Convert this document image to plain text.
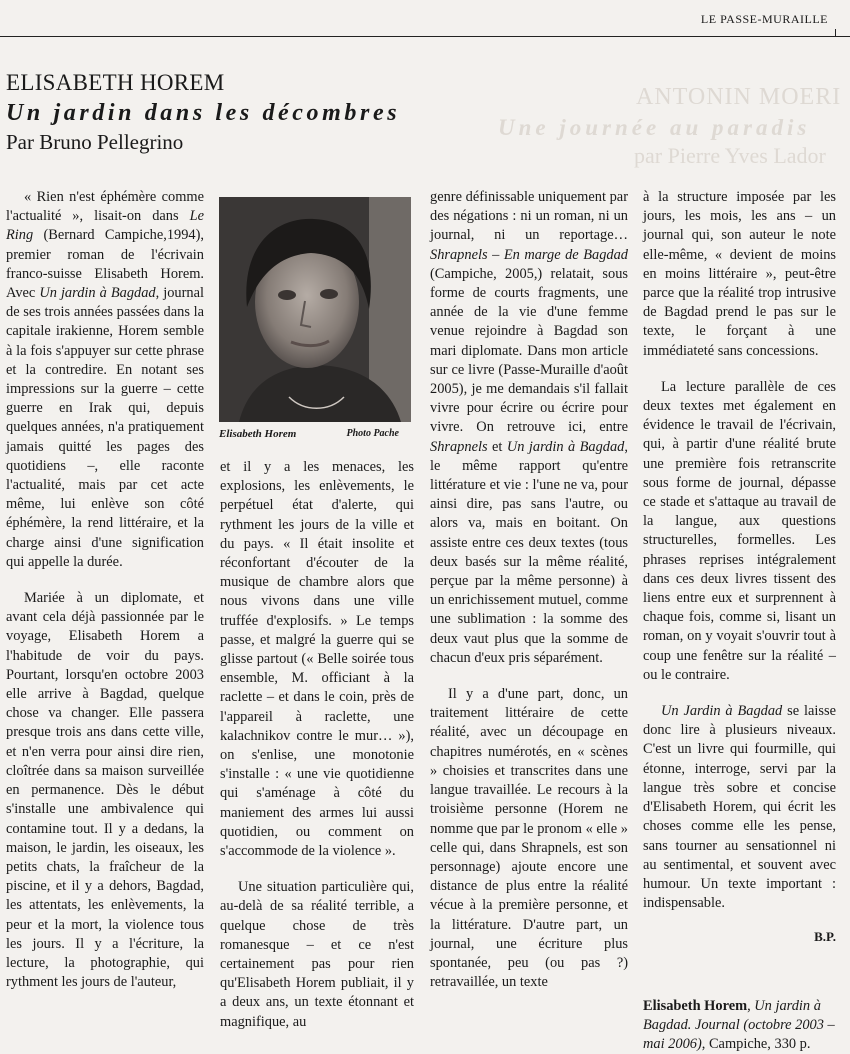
ANTONIN MOERI
Une journée au paradis
par Pierre Yves Lador
LE PASSE-MURAILLE
ELISABETH HOREM
Un jardin dans les décombres
Par Bruno Pellegrino

« Rien n'est éphémère comme l'actualité », lisait-on dans Le Ring (Bernard Campiche,1994), premier roman de l'écrivain franco-suisse Elisabeth Horem. Avec Un jardin à Bagdad, journal de ses trois années passées dans la capitale irakienne, Horem semble à la fois s'appuyer sur cette phrase et la contredire. En notant ses impressions sur la guerre – cette guerre en Irak qui, depuis quelques années, n'a pratiquement jamais quitté les pages des quotidiens –, elle raconte l'actualité, mais par cet acte même, lui enlève son côté éphémère, la rend littéraire, et la charge ainsi d'une signification qui appelle la durée.

Mariée à un diplomate, et avant cela déjà passionnée par le voyage, Elisabeth Horem a l'habitude de voir du pays. Pourtant, lorsqu'en octobre 2003 elle arrive à Bagdad, quelque chose va changer. Elle passera presque trois ans dans cette ville, et n'en verra pour ainsi dire rien, cloîtrée dans sa maison surveillée en permanence. Dès le début s'installe une ambivalence qui contamine tout. Il y a dedans, la maison, le jardin, les oiseaux, les petits chats, la fraîcheur de la piscine, et il y a dehors, Bagdad, les attentats, les enlèvements, la peur et la mort, la violence tous les jours. Il y a l'écriture, la lecture, la photographie, qui rythment les jours de l'auteur,

Elisabeth Horem	Photo Pache

et il y a les menaces, les explosions, les enlèvements, le perpétuel état d'alerte, qui rythment les jours de la ville et du pays. « Il était insolite et réconfortant d'écouter de la musique de chambre alors que nous vivons dans une ville truffée d'explosifs. » Le temps passe, et malgré la guerre qui se glisse partout (« Belle soirée tous ensemble, M. officiant à la raclette – et dans le coin, près de l'appareil à raclette, une kalachnikov contre le mur… »), on s'enlise, une monotonie s'installe : « une vie quotidienne qui s'aménage à côté du maniement des armes lui aussi quotidien, ou comment on s'accommode de la violence ».

Une situation particulière qui, au-delà de sa réalité terrible, a quelque chose de très romanesque – et ce n'est certainement pas pour rien qu'Elisabeth Horem publiait, il y a deux ans, un texte étonnant et magnifique, au

genre définissable uniquement par des négations : ni un roman, ni un journal, ni un reportage… Shrapnels – En marge de Bagdad (Campiche, 2005,) relatait, sous forme de courts fragments, une année de la vie d'une femme venue rejoindre à Bagdad son mari diplomate. Dans mon article sur ce livre (Passe-Muraille d'août 2005), je me demandais s'il fallait vivre pour écrire ou écrire pour vivre. On retrouve ici, entre Shrapnels et Un jardin à Bagdad, le même rapport qu'entre littérature et vie : l'une ne va, pour ainsi dire, pas sans l'autre, ou alors va, mais en boitant. On assiste entre ces deux textes (tous deux basés sur la même réalité, perçue par la même personne) à un enrichissement mutuel, comme une sublimation : la somme des deux vaut plus que la somme de chacun d'eux pris séparément.

Il y a d'une part, donc, un traitement littéraire de cette réalité, avec un découpage en chapitres numérotés, en « scènes » choisies et transcrites dans une langue travaillée. Le recours à la troisième personne (Horem ne nomme que par le pronom « elle » celle qui, dans Shrapnels, est son personnage) ajoute encore une distance de plus entre la réalité vécue à la première personne, et la littérature. D'autre part, un journal, une écriture plus spontanée, peu (ou pas ?) retravaillée, un texte

à la structure imposée par les jours, les mois, les ans – un journal qui, son auteur le note elle-même, « devient de moins en moins littéraire », peut-être parce que la réalité trop intrusive de Bagdad prend le pas sur le texte, le forçant à une immédiateté sans concessions.

La lecture parallèle de ces deux textes met également en évidence le travail de l'écrivain, qui, à partir d'une réalité brute une première fois retranscrite sous forme de journal, dépasse ce stade et s'attaque au travail de la langue, aux questions structurelles, formelles. Les phrases reprises intégralement dans ces deux livres tissent des liens entre eux et surprennent à chaque fois, comme si, lisant un roman, on y voyait s'ouvrir tout à coup une fenêtre sur la réalité – ou le contraire.

Un Jardin à Bagdad se laisse donc lire à plusieurs niveaux. C'est un livre qui fourmille, qui étonne, interroge, servi par la langue très sobre et concise d'Elisabeth Horem, qui écrit les choses comme elle les pense, sans tourner au sensationnel ni au sentimental, et souvent avec humour. Un texte important : indispensable.

B.P.
Elisabeth Horem, Un jardin à Bagdad. Journal (octobre 2003 – mai 2006), Campiche, 330 p.
